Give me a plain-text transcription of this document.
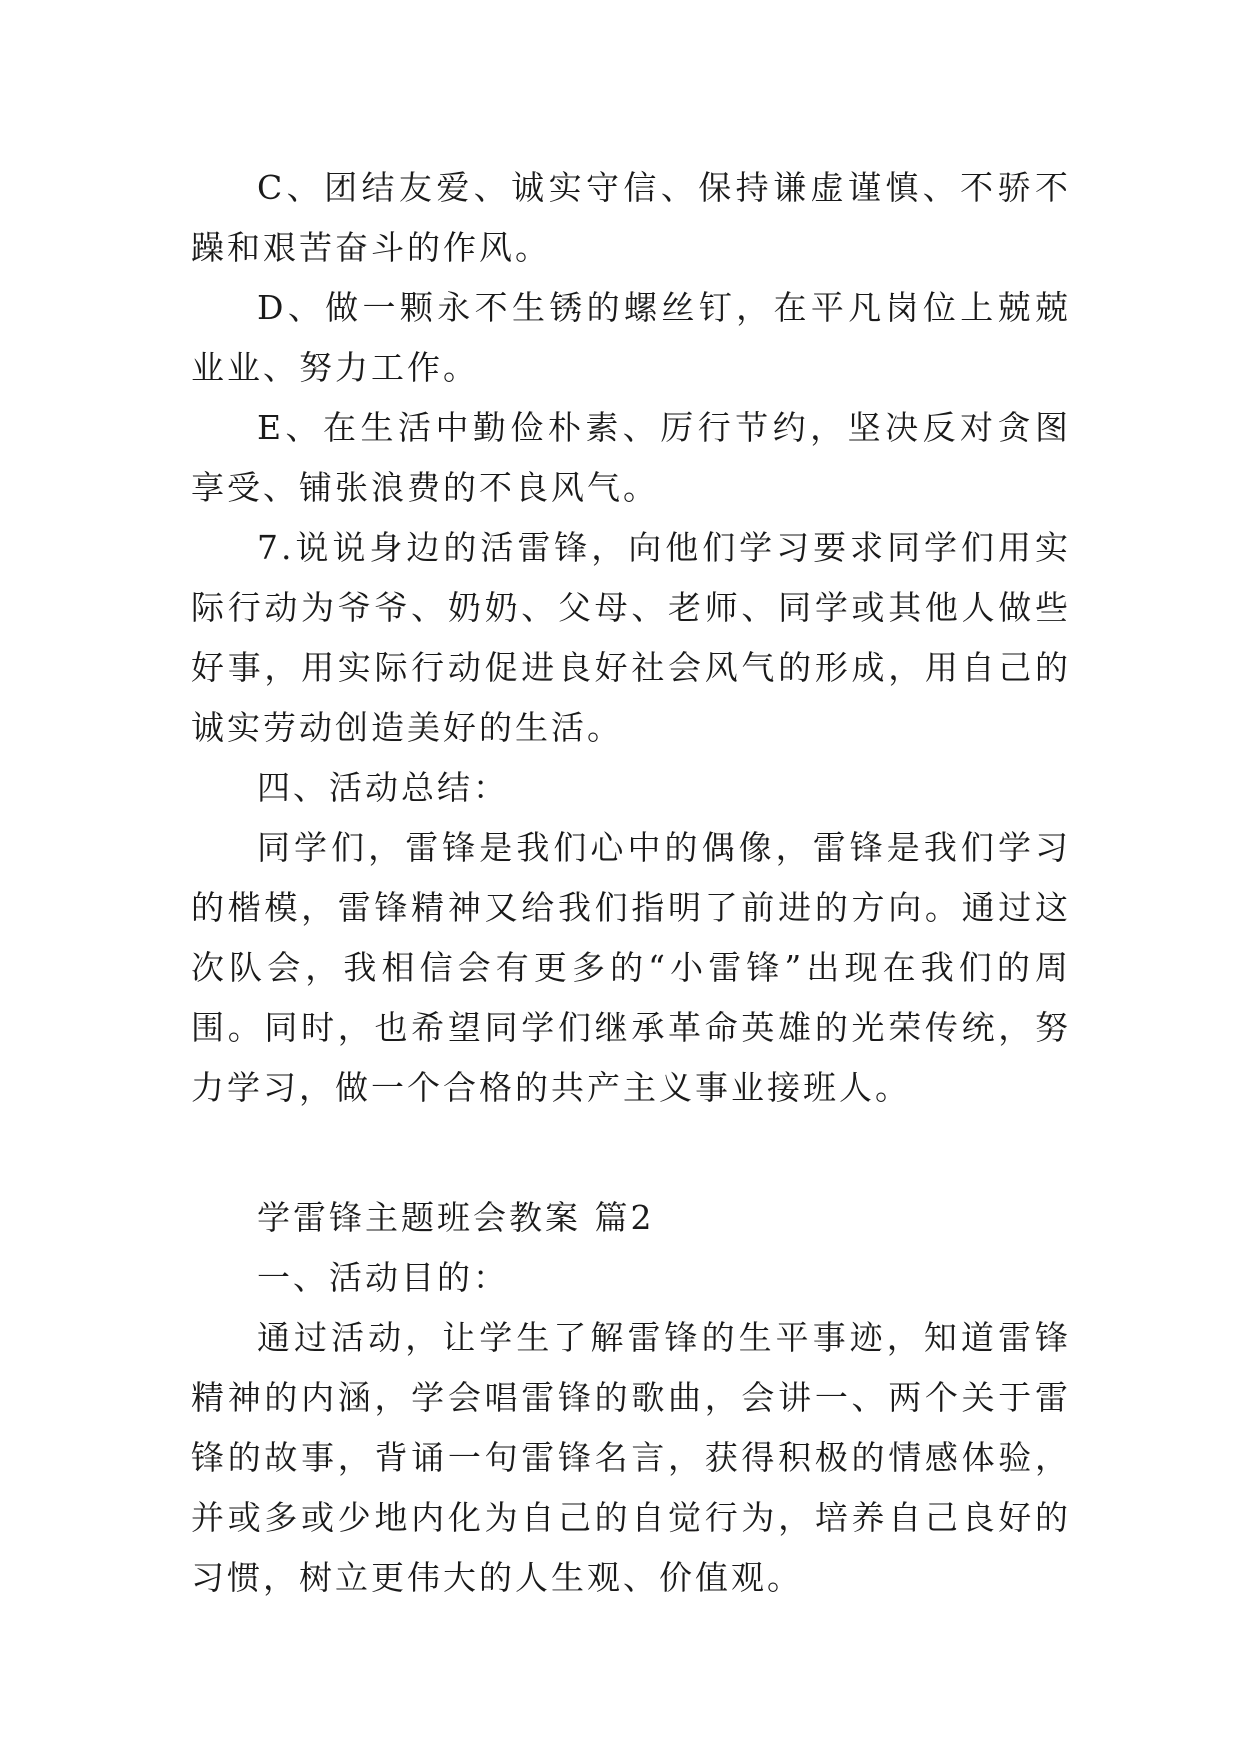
C、团结友爱、诚实守信、保持谦虚谨慎、不骄不躁和艰苦奋斗的作风。

D、做一颗永不生锈的螺丝钉，在平凡岗位上兢兢业业、努力工作。

E、在生活中勤俭朴素、厉行节约，坚决反对贪图享受、铺张浪费的不良风气。

7.说说身边的活雷锋，向他们学习要求同学们用实际行动为爷爷、奶奶、父母、老师、同学或其他人做些好事，用实际行动促进良好社会风气的形成，用自己的诚实劳动创造美好的生活。

四、活动总结：

同学们，雷锋是我们心中的偶像，雷锋是我们学习的楷模，雷锋精神又给我们指明了前进的方向。通过这次队会，我相信会有更多的“小雷锋”出现在我们的周围。同时，也希望同学们继承革命英雄的光荣传统，努力学习，做一个合格的共产主义事业接班人。

学雷锋主题班会教案 篇2

一、活动目的：

通过活动，让学生了解雷锋的生平事迹，知道雷锋精神的内涵，学会唱雷锋的歌曲，会讲一、两个关于雷锋的故事，背诵一句雷锋名言，获得积极的情感体验，并或多或少地内化为自己的自觉行为，培养自己良好的习惯，树立更伟大的人生观、价值观。
